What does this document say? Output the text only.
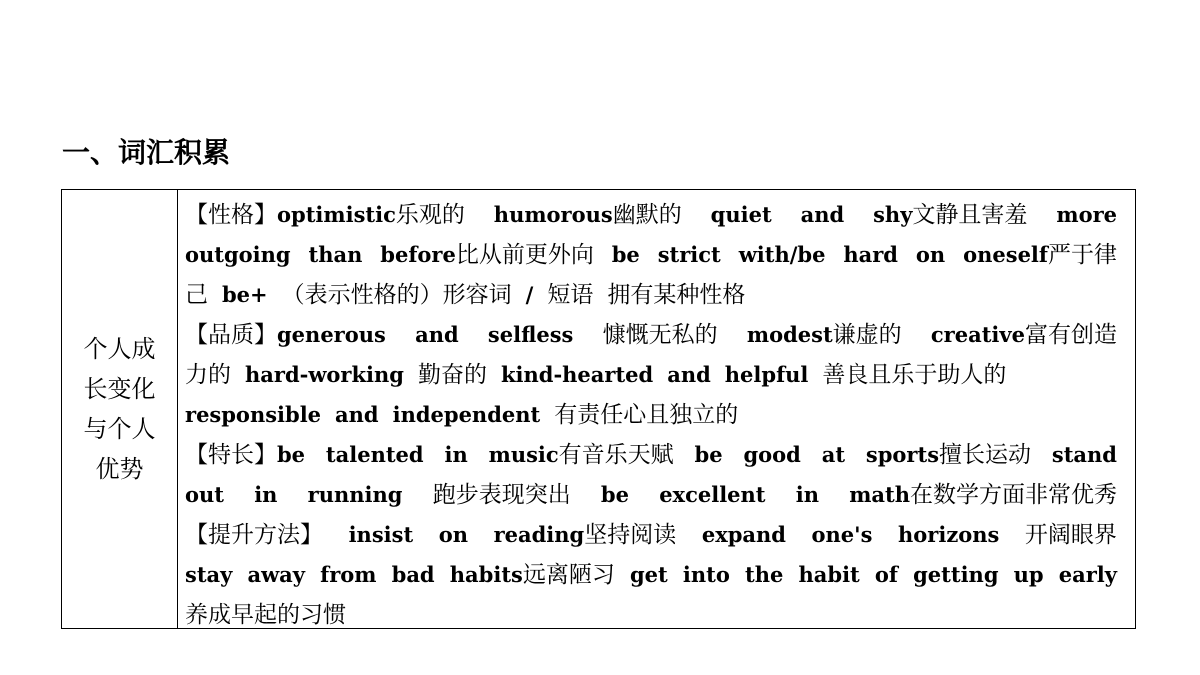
一、词汇积累
个人成长变化与个人优势
【性格】optimistic乐观的 humorous幽默的 quiet and shy文静且害羞 more
outgoing than before比从前更外向 be strict with/be hard on oneself严于律
己 be+ （表示性格的）形容词 / 短语 拥有某种性格
【品质】generous and selfless 慷慨无私的 modest谦虚的 creative富有创造
力的 hard-working 勤奋的 kind-hearted and helpful 善良且乐于助人的
responsible and independent 有责任心且独立的
【特长】be talented in music有音乐天赋 be good at sports擅长运动 stand
out in running 跑步表现突出 be excellent in math在数学方面非常优秀
【提升方法】 insist on reading坚持阅读 expand one's horizons 开阔眼界
stay away from bad habits远离陋习 get into the habit of getting up early
养成早起的习惯
